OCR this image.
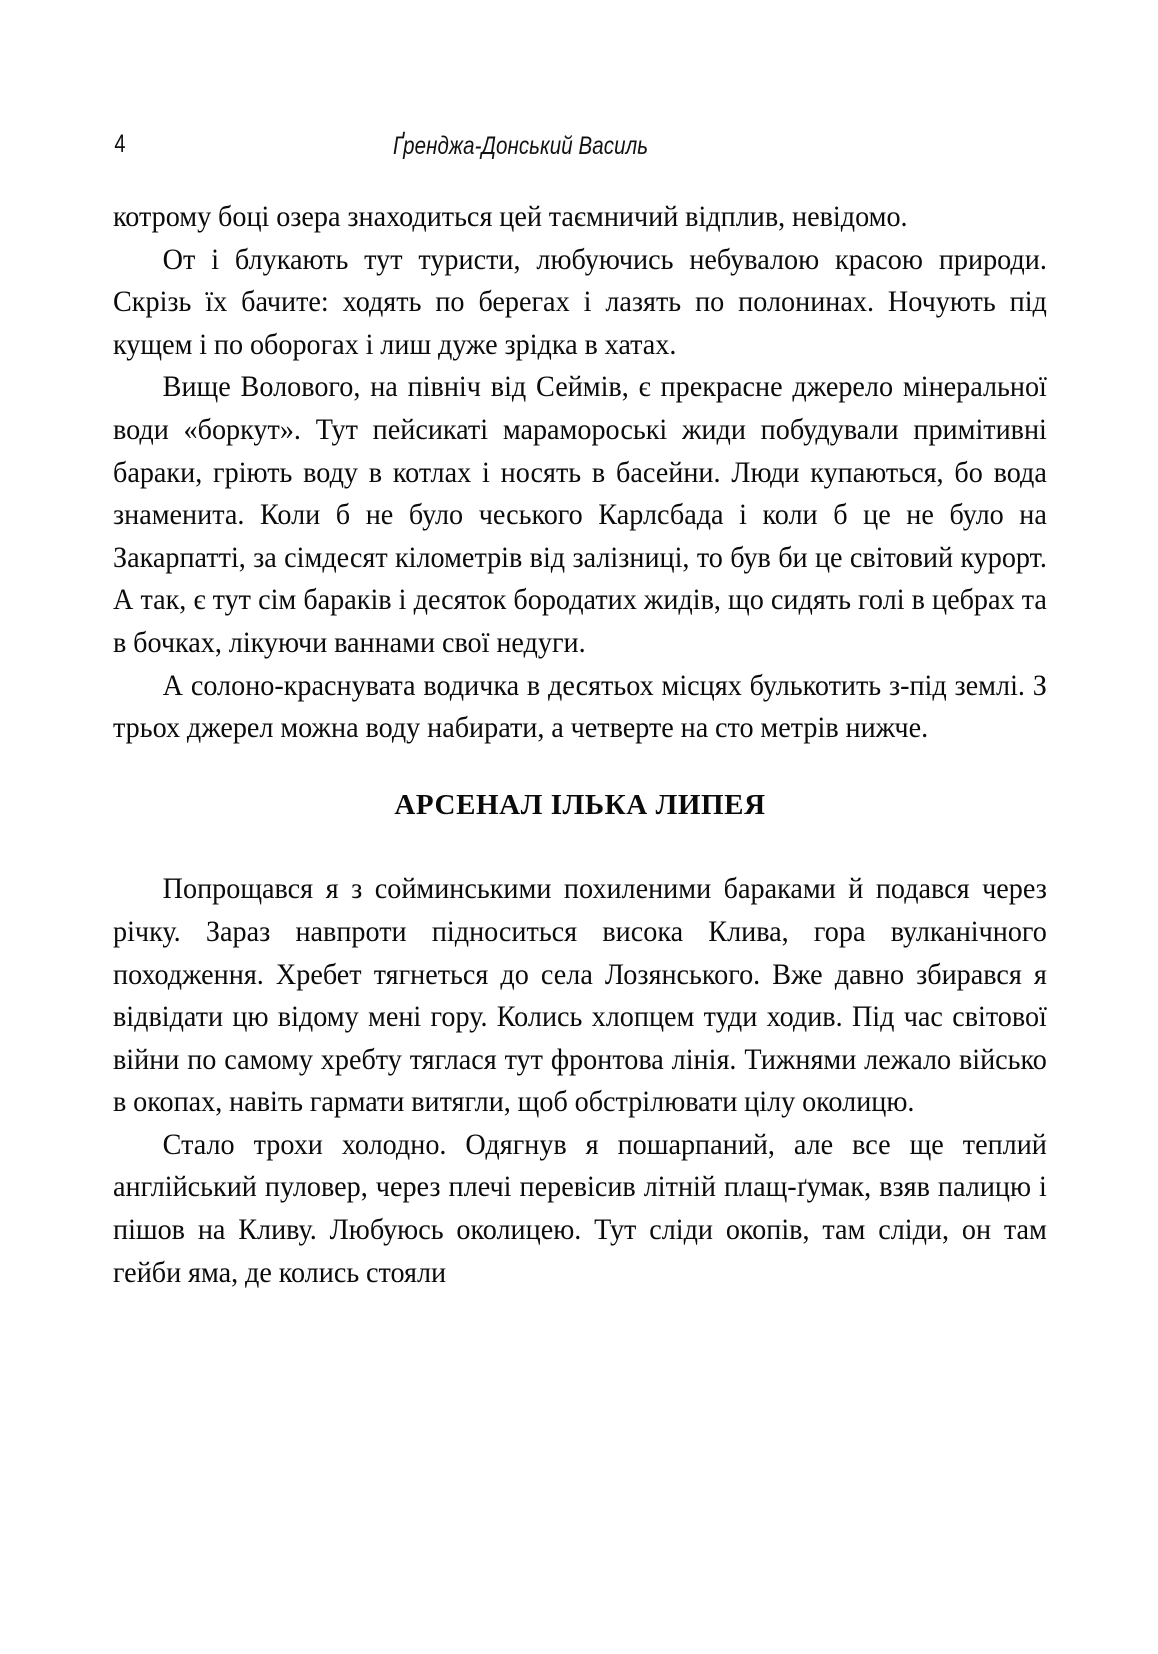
4	Ґренджа-Донський Василь

котрому боці озера знаходиться цей таємничий відплив, невідомо.

От і блукають тут туристи, любуючись небувалою красою природи. Скрізь їх бачите: ходять по берегах і лазять по полонинах. Ночують під кущем і по оборогах і лиш дуже зрідка в хатах.

Вище Волового, на північ від Сеймів, є прекрасне джерело мінеральної води «боркут». Тут пейсикаті марамороські жиди побудували примітивні бараки, гріють воду в котлах і носять в басейни. Люди купаються, бо вода знаменита. Коли б не було чеського Карлсбада і коли б це не було на Закарпатті, за сімдесят кілометрів від залізниці, то був би це світовий курорт. А так, є тут сім бараків і десяток бородатих жидів, що сидять голі в цебрах та в бочках, лікуючи ваннами свої недуги.

А солоно-краснувата водичка в десятьох місцях булькотить з-під землі. З трьох джерел можна воду набирати, а четверте на сто метрів нижче.

АРСЕНАЛ ІЛЬКА ЛИПЕЯ

Попрощався я з сойминськими похиленими бараками й подався через річку. Зараз навпроти підноситься висока Клива, гора вулканічного походження. Хребет тягнеться до села Лозянського. Вже давно збирався я відвідати цю відому мені гору. Колись хлопцем туди ходив. Під час світової війни по самому хребту тяглася тут фронтова лінія. Тижнями лежало військо в окопах, навіть гармати витягли, щоб обстрілювати цілу околицю.

Стало трохи холодно. Одягнув я пошарпаний, але все ще теплий англійський пуловер, через плечі перевісив літній плащ-ґумак, взяв палицю і пішов на Кливу. Любуюсь околицею. Тут сліди окопів, там сліди, он там гейби яма, де колись стояли
